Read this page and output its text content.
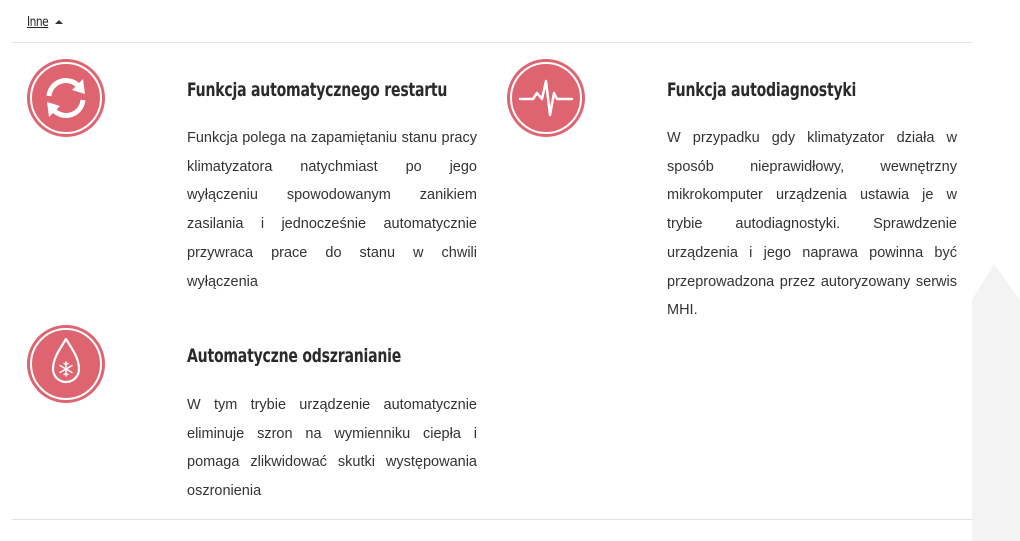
Inne
Funkcja automatycznego restartu
Funkcja polega na zapamiętaniu stanu pracy klimatyzatora natychmiast po jego wyłączeniu spowodowanym zanikiem zasilania i jednocześnie automatycznie przywraca prace do stanu w chwili wyłączenia
Funkcja autodiagnostyki
W przypadku gdy klimatyzator działa w sposób nieprawidłowy, wewnętrzny mikrokomputer urządzenia ustawia je w trybie autodiagnostyki. Sprawdzenie urządzenia i jego naprawa powinna być przeprowadzona przez autoryzowany serwis MHI.
Automatyczne odszranianie
W tym trybie urządzenie automatycznie eliminuje szron na wymienniku ciepła i pomaga zlikwidować skutki występowania oszronienia
